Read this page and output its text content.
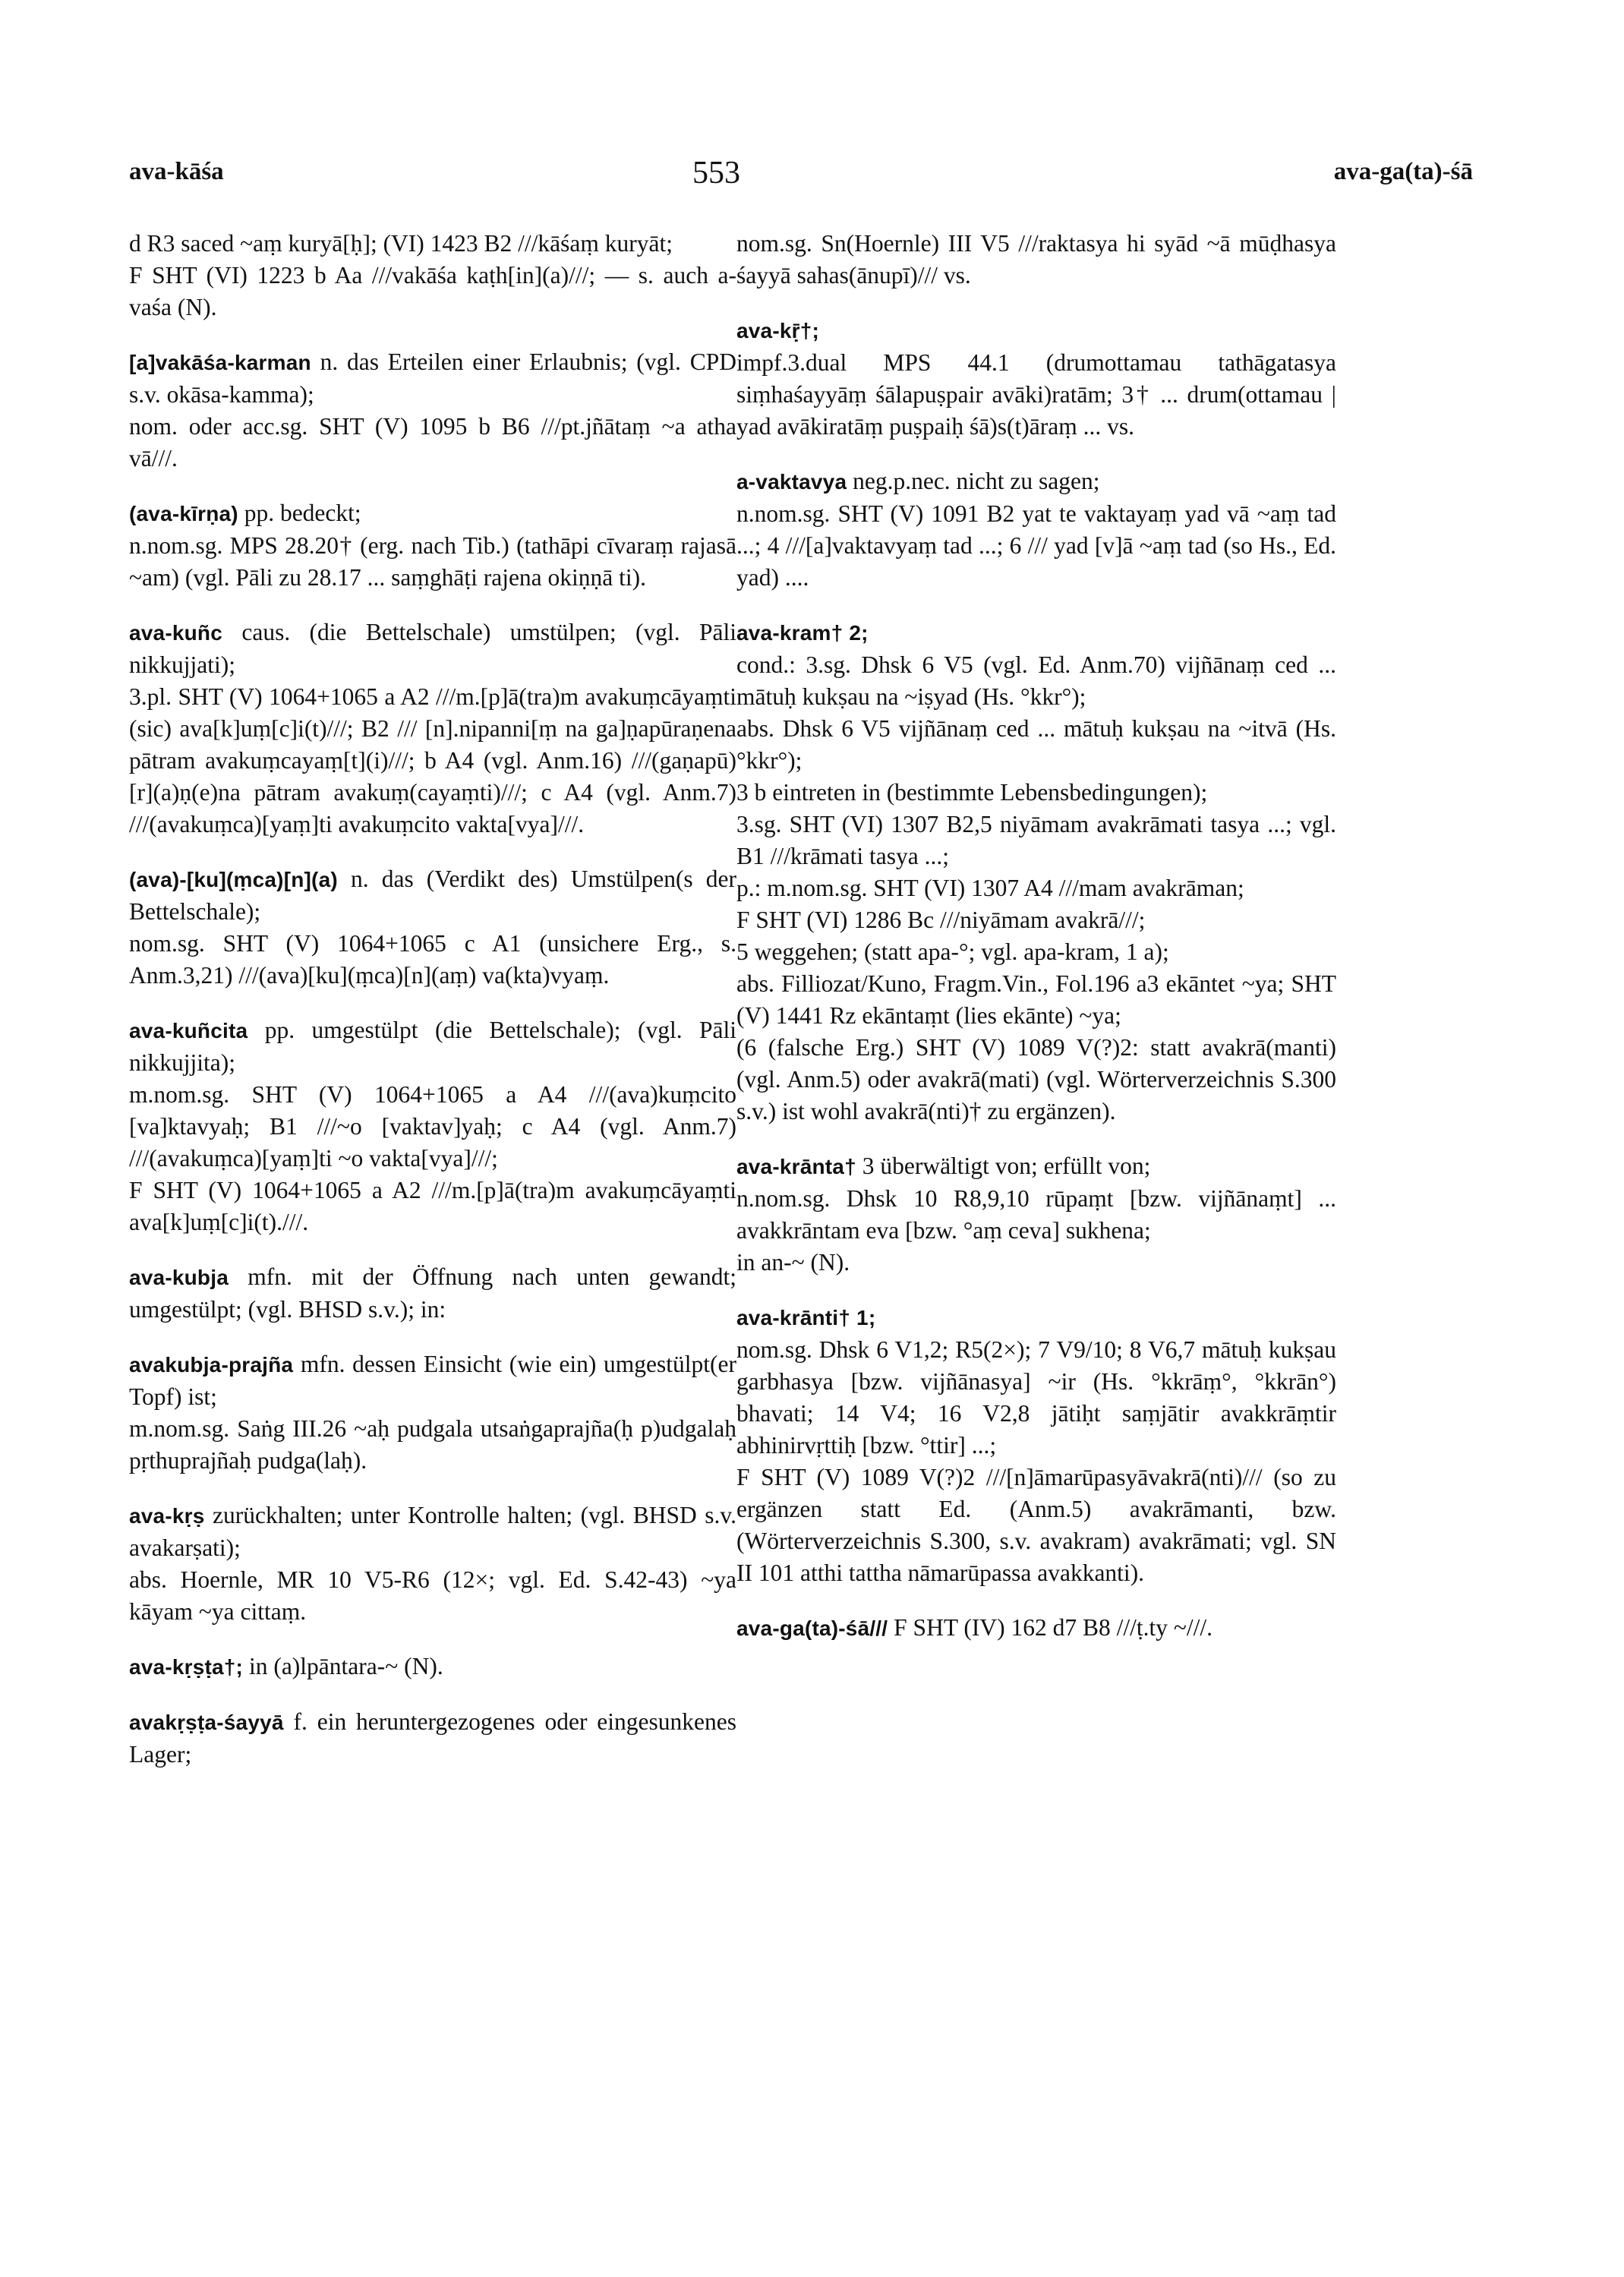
ava-kāśa	553	ava-ga(ta)-śā

d R3 saced ~aṃ kuryā[ḥ]; (VI) 1423 B2 ///kāśaṃ kuryāt;

F SHT (VI) 1223 b Aa ///vakāśa kaṭh[in](a)///; — s. auch a-vaśa (N).

[a]vakāśa-karman n. das Erteilen einer Erlaubnis; (vgl. CPD s.v. okāsa-kamma);

nom. oder acc.sg. SHT (V) 1095 b B6 ///pt.jñātaṃ ~a atha vā///.

(ava-kīrṇa) pp. bedeckt;

n.nom.sg. MPS 28.20† (erg. nach Tib.) (tathāpi cīvaraṃ rajasā ~am) (vgl. Pāli zu 28.17 ... saṃghāṭi rajena okiṇṇā ti).

ava-kuñc caus. (die Bettelschale) umstülpen; (vgl. Pāli nikkujjati);

3.pl. SHT (V) 1064+1065 a A2 ///m.[p]ā(tra)m avakuṃcāyaṃti (sic) ava[k]uṃ[c]i(t)///; B2 /// [n].nipanni[ṃ na ga]ṇapūraṇena pātram avakuṃcayaṃ[t](i)///; b A4 (vgl. Anm.16) ///(gaṇapū)[r](a)ṇ(e)na pātram avakuṃ(cayaṃti)///; c A4 (vgl. Anm.7) ///(avakuṃca)[yaṃ]ti avakuṃcito vakta[vya]///.

(ava)-[ku](ṃca)[n](a) n. das (Verdikt des) Umstülpen(s der Bettelschale);

nom.sg. SHT (V) 1064+1065 c A1 (unsichere Erg., s. Anm.3,21) ///(ava)[ku](ṃca)[n](aṃ) va(kta)vyaṃ.

ava-kuñcita pp. umgestülpt (die Bettelschale); (vgl. Pāli nikkujjita);

m.nom.sg. SHT (V) 1064+1065 a A4 ///(ava)kuṃcito [va]ktavyaḥ; B1 ///~o [vaktav]yaḥ; c A4 (vgl. Anm.7) ///(avakuṃca)[yaṃ]ti ~o vakta[vya]///;

F SHT (V) 1064+1065 a A2 ///m.[p]ā(tra)m avakuṃcāyaṃti ava[k]uṃ[c]i(t).///.

ava-kubja mfn. mit der Öffnung nach unten gewandt; umgestülpt; (vgl. BHSD s.v.); in:

avakubja-prajña mfn. dessen Einsicht (wie ein) umgestülpt(er Topf) ist;

m.nom.sg. Saṅg III.26 ~aḥ pudgala utsaṅgaprajña(ḥ p)udgalaḥ pṛthuprajñaḥ pudga(laḥ).

ava-kṛṣ zurückhalten; unter Kontrolle halten; (vgl. BHSD s.v. avakarṣati);

abs. Hoernle, MR 10 V5-R6 (12×; vgl. Ed. S.42-43) ~ya kāyam ~ya cittaṃ.

ava-kṛṣṭa†; in (a)lpāntara-~ (N).

avakṛṣṭa-śayyā f. ein heruntergezogenes oder eingesunkenes Lager;

nom.sg. Sn(Hoernle) III V5 ///raktasya hi syād ~ā mūḍhasya śayyā sahas(ānupī)/// vs.

ava-kṝ†;

impf.3.dual MPS 44.1 (drumottamau tathāgatasya siṃhaśayyāṃ śālapuṣpair avāki)ratām; 3† ... drum(ottamau | yad avākiratāṃ puṣpaiḥ śā)s(t)āraṃ ... vs.

a-vaktavya neg.p.nec. nicht zu sagen;

n.nom.sg. SHT (V) 1091 B2 yat te vaktayaṃ yad vā ~aṃ tad ...; 4 ///[a]vaktavyaṃ tad ...; 6 /// yad [v]ā ~aṃ tad (so Hs., Ed. yad) ....

ava-kram† 2;

cond.: 3.sg. Dhsk 6 V5 (vgl. Ed. Anm.70) vijñānaṃ ced ... mātuḥ kukṣau na ~iṣyad (Hs. °kkr°);

abs. Dhsk 6 V5 vijñānaṃ ced ... mātuḥ kukṣau na ~itvā (Hs. °kkr°);

3 b eintreten in (bestimmte Lebensbedingungen);

3.sg. SHT (VI) 1307 B2,5 niyāmam avakrāmati tasya ...; vgl. B1 ///krāmati tasya ...;

p.: m.nom.sg. SHT (VI) 1307 A4 ///mam avakrāman;

F SHT (VI) 1286 Bc ///niyāmam avakrā///;

5 weggehen; (statt apa-°; vgl. apa-kram, 1 a);

abs. Filliozat/Kuno, Fragm.Vin., Fol.196 a3 ekāntet ~ya; SHT (V) 1441 Rz ekāntaṃt (lies ekānte) ~ya;

(6 (falsche Erg.) SHT (V) 1089 V(?)2: statt avakrā(manti) (vgl. Anm.5) oder avakrā(mati) (vgl. Wörterverzeichnis S.300 s.v.) ist wohl avakrā(nti)† zu ergänzen).

ava-krānta† 3 überwältigt von; erfüllt von;

n.nom.sg. Dhsk 10 R8,9,10 rūpaṃt [bzw. vijñānaṃt] ... avakkrāntam eva [bzw. °aṃ ceva] sukhena;

in an-~ (N).

ava-krānti† 1;

nom.sg. Dhsk 6 V1,2; R5(2×); 7 V9/10; 8 V6,7 mātuḥ kukṣau garbhasya [bzw. vijñānasya] ~ir (Hs. °kkrāṃ°, °kkrān°) bhavati; 14 V4; 16 V2,8 jātiḥt saṃjātir avakkrāṃtir abhinirvṛttiḥ [bzw. °ttir] ...;

F SHT (V) 1089 V(?)2 ///[n]āmarūpasyāvakrā(nti)/// (so zu ergänzen statt Ed. (Anm.5) avakrāmanti, bzw. (Wörterverzeichnis S.300, s.v. avakram) avakrāmati; vgl. SN II 101 atthi tattha nāmarūpassa avakkanti).

ava-ga(ta)-śā/// F SHT (IV) 162 d7 B8 ///ṭ.ty ~///.
